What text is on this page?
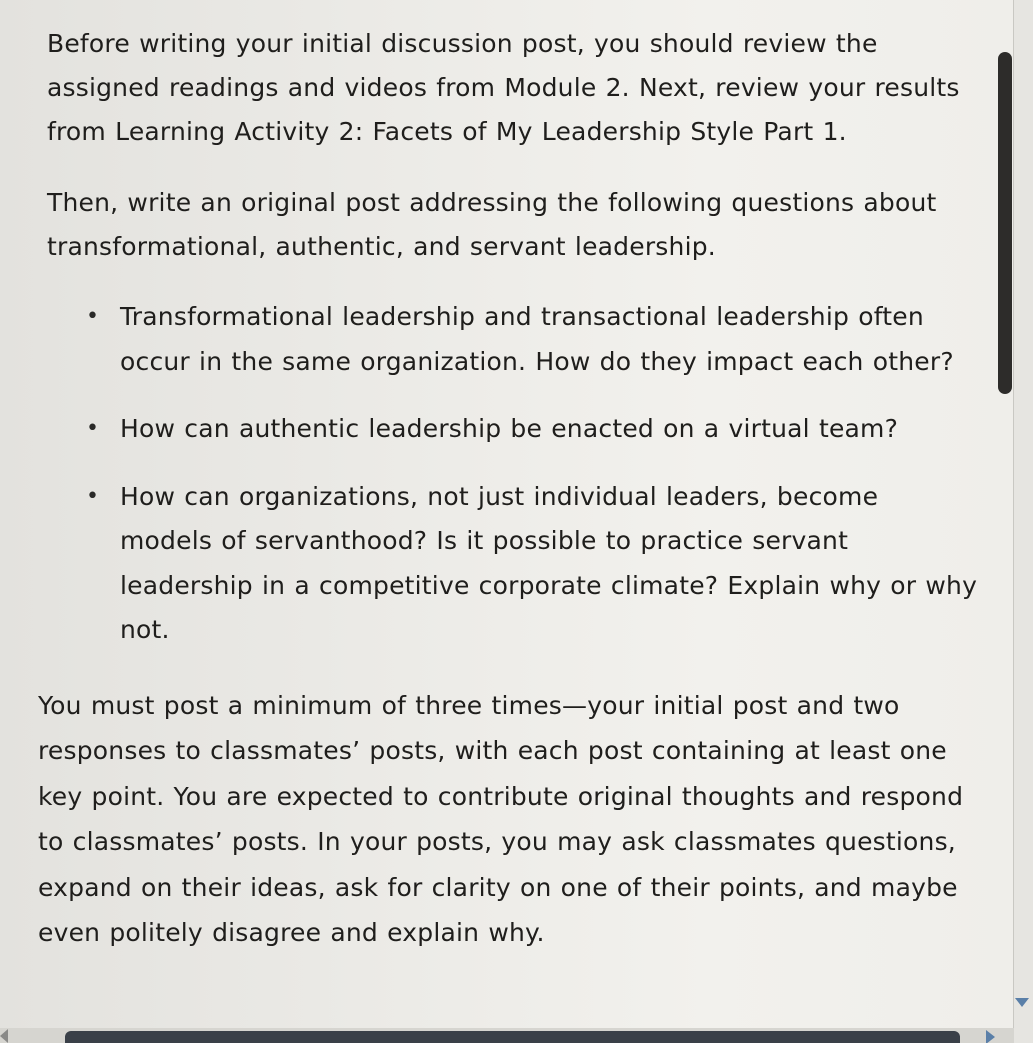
Before writing your initial discussion post, you should review the assigned readings and videos from Module 2. Next, review your results from Learning Activity 2: Facets of My Leadership Style Part 1.

Then, write an original post addressing the following questions about transformational, authentic, and servant leadership.

• Transformational leadership and transactional leadership often occur in the same organization. How do they impact each other?
• How can authentic leadership be enacted on a virtual team?
• How can organizations, not just individual leaders, become models of servanthood? Is it possible to practice servant leadership in a competitive corporate climate? Explain why or why not.

You must post a minimum of three times—your initial post and two responses to classmates’ posts, with each post containing at least one key point. You are expected to contribute original thoughts and respond to classmates’ posts. In your posts, you may ask classmates questions, expand on their ideas, ask for clarity on one of their points, and maybe even politely disagree and explain why.
